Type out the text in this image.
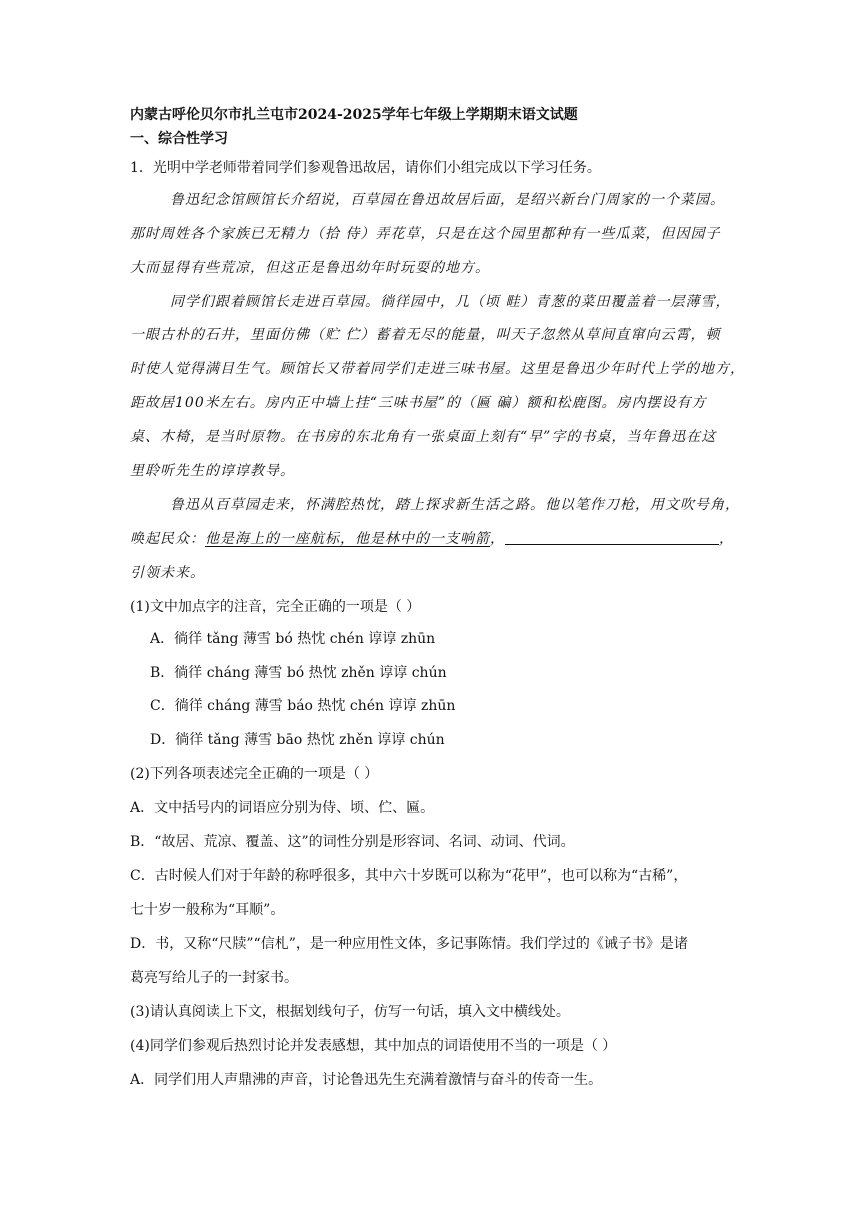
内蒙古呼伦贝尔市扎兰屯市2024-2025学年七年级上学期期末语文试题
一、综合性学习
1．光明中学老师带着同学们参观鲁迅故居，请你们小组完成以下学习任务。
鲁迅纪念馆顾馆长介绍说，百草园在鲁迅故居后面，是绍兴新台门周家的一个菜园。
那时周姓各个家族已无精力（拾 侍）弄花草，只是在这个园里都种有一些瓜菜，但因园子
大而显得有些荒凉，但这正是鲁迅幼年时玩耍的地方。
同学们跟着顾馆长走进百草园。徜徉园中，几（顷 畦）青葱的菜田覆盖着一层薄雪，
一眼古朴的石井，里面仿佛（贮 伫）蓄着无尽的能量，叫天子忽然从草间直窜向云霄，顿
时使人觉得满目生气。顾馆长又带着同学们走进三味书屋。这里是鲁迅少年时代上学的地方，
距故居100米左右。房内正中墙上挂“三味书屋”的（匾 碥）额和松鹿图。房内摆设有方
桌、木椅，是当时原物。在书房的东北角有一张桌面上刻有“早”字的书桌，当年鲁迅在这
里聆听先生的谆谆教导。
鲁迅从百草园走来，怀满腔热忱，踏上探求新生活之路。他以笔作刀枪，用文吹号角，
唤起民众：他是海上的一座航标，他是林中的一支响箭，	，
引领未来。
(1)文中加点字的注音，完全正确的一项是（ ）
A．徜徉 tǎng 薄雪 bó 热忱 chén 谆谆 zhūn
B．徜徉 cháng 薄雪 bó 热忱 zhěn 谆谆 chún
C．徜徉 cháng 薄雪 báo 热忱 chén 谆谆 zhūn
D．徜徉 tǎng 薄雪 bāo 热忱 zhěn 谆谆 chún
(2)下列各项表述完全正确的一项是（ ）
A．文中括号内的词语应分别为侍、顷、伫、匾。
B．“故居、荒凉、覆盖、这”的词性分别是形容词、名词、动词、代词。
C．古时候人们对于年龄的称呼很多，其中六十岁既可以称为“花甲”，也可以称为“古稀”，
七十岁一般称为“耳顺”。
D．书，又称“尺牍”“信札”，是一种应用性文体，多记事陈情。我们学过的《诫子书》是诸
葛亮写给儿子的一封家书。
(3)请认真阅读上下文，根据划线句子，仿写一句话，填入文中横线处。
(4)同学们参观后热烈讨论并发表感想，其中加点的词语使用不当的一项是（ ）
A．同学们用人声鼎沸的声音，讨论鲁迅先生充满着激情与奋斗的传奇一生。
